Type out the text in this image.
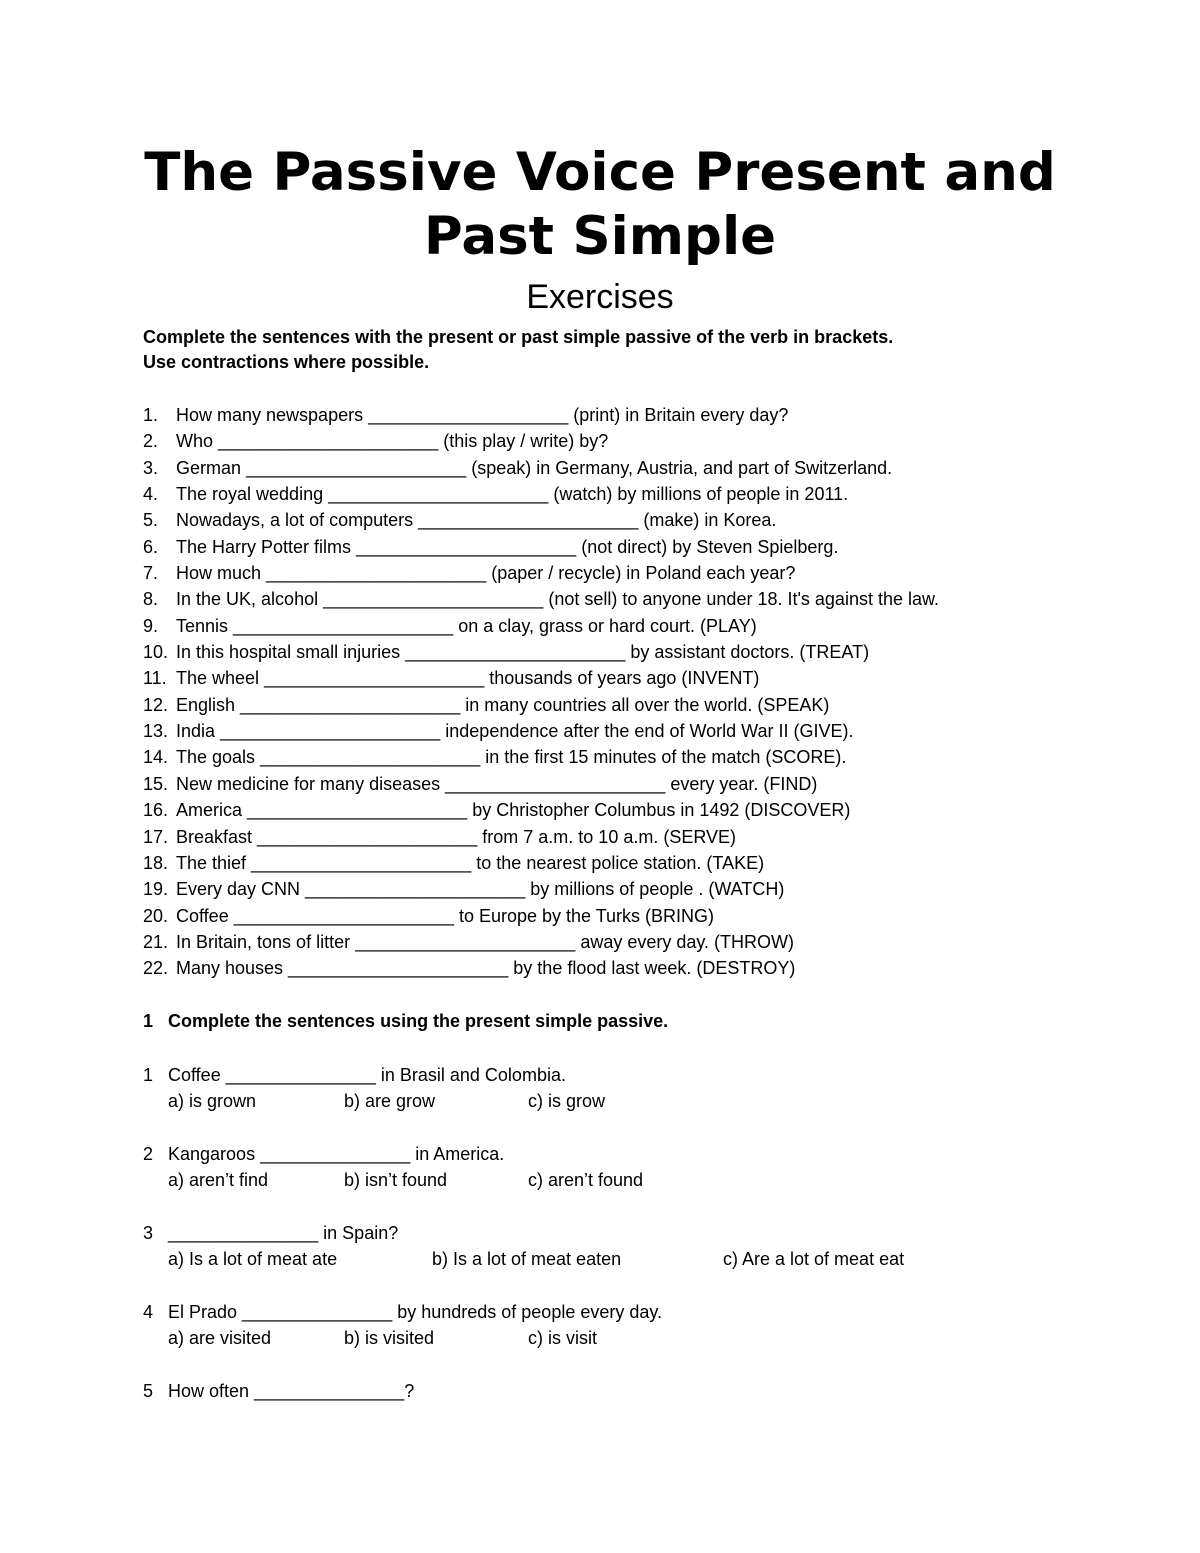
The Passive Voice Present and
Past Simple
Exercises
Complete the sentences with the present or past simple passive of the verb in brackets.
Use contractions where possible.
1. How many newspapers ____________________ (print) in Britain every day?
2. Who ______________________ (this play / write) by?
3. German ______________________ (speak) in Germany, Austria, and part of Switzerland.
4. The royal wedding ______________________ (watch) by millions of people in 2011.
5. Nowadays, a lot of computers ______________________ (make) in Korea.
6. The Harry Potter films ______________________ (not direct) by Steven Spielberg.
7. How much ______________________ (paper / recycle) in Poland each year?
8. In the UK, alcohol ______________________ (not sell) to anyone under 18. It's against the law.
9. Tennis ______________________ on a clay, grass or hard court. (PLAY)
10. In this hospital small injuries ______________________ by assistant doctors. (TREAT)
11. The wheel ______________________ thousands of years ago (INVENT)
12. English ______________________ in many countries all over the world. (SPEAK)
13. India ______________________ independence after the end of World War II (GIVE).
14. The goals ______________________ in the first 15 minutes of the match (SCORE).
15. New medicine for many diseases ______________________ every year. (FIND)
16. America ______________________ by Christopher Columbus in 1492 (DISCOVER)
17. Breakfast ______________________ from 7 a.m. to 10 a.m. (SERVE)
18. The thief ______________________ to the nearest police station. (TAKE)
19. Every day CNN ______________________ by millions of people . (WATCH)
20. Coffee ______________________ to Europe by the Turks (BRING)
21. In Britain, tons of litter ______________________ away every day. (THROW)
22. Many houses ______________________ by the flood last week. (DESTROY)
1 Complete the sentences using the present simple passive.
1 Coffee _______________ in Brasil and Colombia.
a) is grown	b) are grow	c) is grow
2 Kangaroos _______________ in America.
a) aren’t find	b) isn’t found	c) aren’t found
3 _______________ in Spain?
a) Is a lot of meat ate	b) Is a lot of meat eaten	c) Are a lot of meat eat
4 El Prado _______________ by hundreds of people every day.
a) are visited	b) is visited	c) is visit
5 How often _______________?
